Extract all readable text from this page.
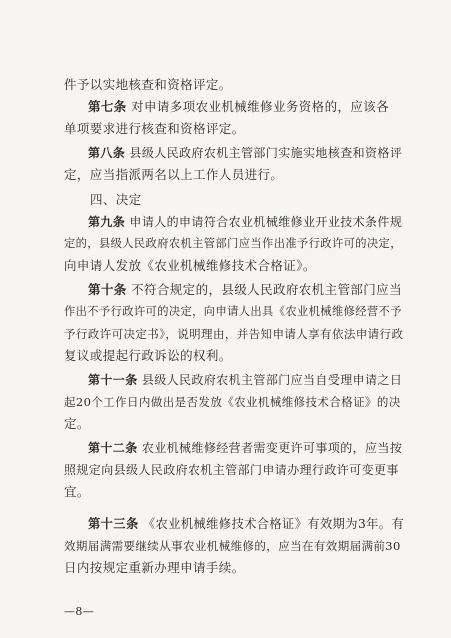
件予以实地核查和资格评定。
第七条 对申请多项农业机械维修业务资格的，应该各
单项要求进行核查和资格评定。
第八条 县级人民政府农机主管部门实施实地核查和资格评
定，应当指派两名以上工作人员进行。
四、决定
第九条 申请人的申请符合农业机械维修业开业技术条件规
定的，县级人民政府农机主管部门应当作出准予行政许可的决定，
向申请人发放《农业机械维修技术合格证》。
第十条 不符合规定的，县级人民政府农机主管部门应当
作出不予行政许可的决定，向申请人出具《农业机械维修经营不予
予行政许可决定书》，说明理由，并告知申请人享有依法申请行政
复议或提起行政诉讼的权利。
第十一条 县级人民政府农机主管部门应当自受理申请之日
起20个工作日内做出是否发放《农业机械维修技术合格证》的决
定。
第十二条 农业机械维修经营者需变更许可事项的，应当按
照规定向县级人民政府农机主管部门申请办理行政许可变更事
宜。
第十三条 《农业机械维修技术合格证》有效期为3年。有
效期届满需要继续从事农业机械维修的，应当在有效期届满前30
日内按规定重新办理申请手续。
—8—
